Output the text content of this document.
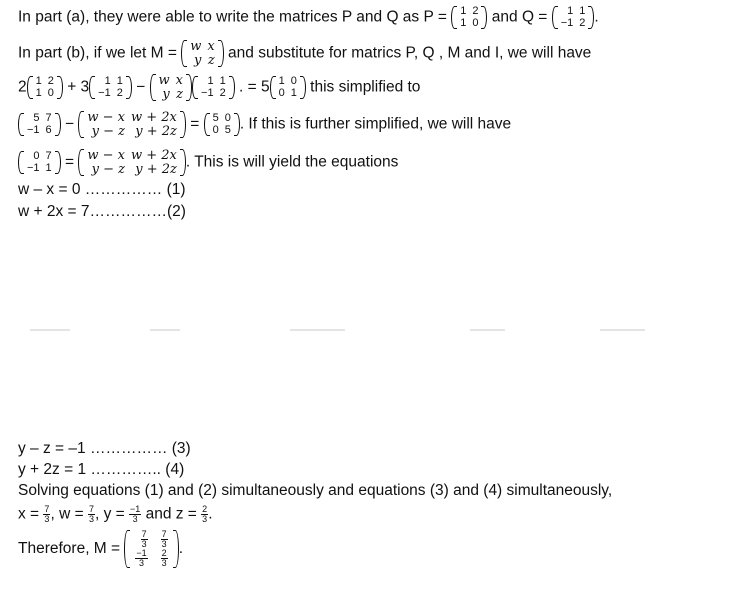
In part (a), they were able to write the matrices P and Q as P = 1	2
1	0 and Q = 1	1
−1	2 .
In part (b), if we let M = w	x
y	z and substitute for matrics P, Q , M and I, we will have
2 1	2
1	0 + 3 1	1
−1	2 − w	x
y	z
1	1
−1	2 . = 5 1	0
0	1 this simplified to
5	7
−1	6 − w − x	w + 2x
y − z	y + 2z = 5	0
0	5 . If this is further simplified, we will have
0	7
−1	1 = w − x	w + 2x
y − z	y + 2z . This is will yield the equations
w – x = 0 …………… (1)
w + 2x = 7……………(2)
y – z = –1 …………… (3)
y + 2z = 1 ………….. (4)
Solving equations (1) and (2) simultaneously and equations (3) and (4) simultaneously,
$x = \frac{7}{3}$ , $w = \frac{7}{3}$ , $y = \frac{-1}{3}$ and $z = \frac{2}{3}$ .
Therefore, $M = \frac{7}{3}$	$\frac{7}{3}$

$\frac{-1}{3}$	$\frac{2}{3}$
.
